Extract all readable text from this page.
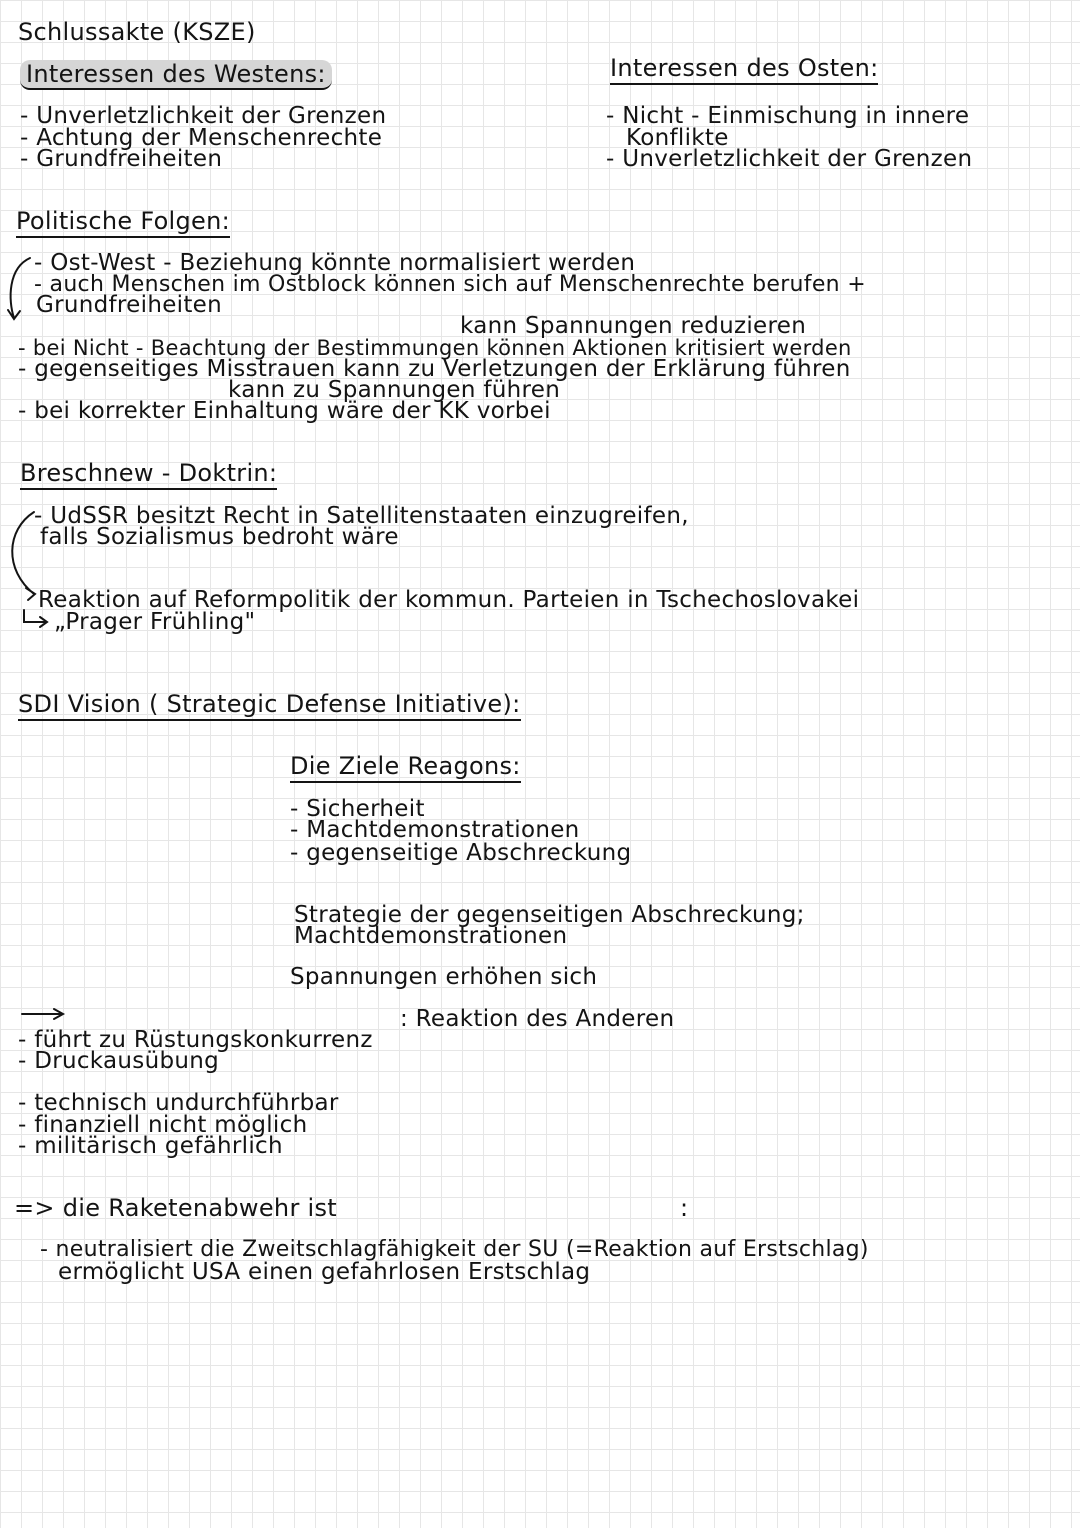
Schlussakte (KSZE)
Interessen des Westens:
- Unverletzlichkeit der Grenzen
- Achtung der Menschenrechte
- Grundfreiheiten
Interessen des Osten:
- Nicht - Einmischung in innere
Konflikte
- Unverletzlichkeit der Grenzen
Politische Folgen:
- Ost-West - Beziehung könnte normalisiert werden
- auch Menschen im Ostblock können sich auf Menschenrechte berufen +
Grundfreiheiten
kann Spannungen reduzieren
- bei Nicht - Beachtung der Bestimmungen können Aktionen kritisiert werden
- gegenseitiges Misstrauen kann zu Verletzungen der Erklärung führen
kann zu Spannungen führen
- bei korrekter Einhaltung wäre der KK vorbei
Breschnew - Doktrin:
- UdSSR besitzt Recht in Satellitenstaaten einzugreifen,
falls Sozialismus bedroht wäre
Reaktion auf Reformpolitik der kommun. Parteien in Tschechoslovakei
„Prager Frühling"
SDI Vision ( Strategic Defense Initiative):
Die Ziele Reagons:
- Sicherheit
- Machtdemonstrationen
- gegenseitige Abschreckung
Strategie der gegenseitigen Abschreckung;
Machtdemonstrationen
Spannungen erhöhen sich
: Reaktion des Anderen
- führt zu Rüstungskonkurrenz
- Druckausübung
- technisch undurchführbar
- finanziell nicht möglich
- militärisch gefährlich
=> die Raketenabwehr ist	:
- neutralisiert die Zweitschlagfähigkeit der SU (=Reaktion auf Erstschlag)
ermöglicht USA einen gefahrlosen Erstschlag
